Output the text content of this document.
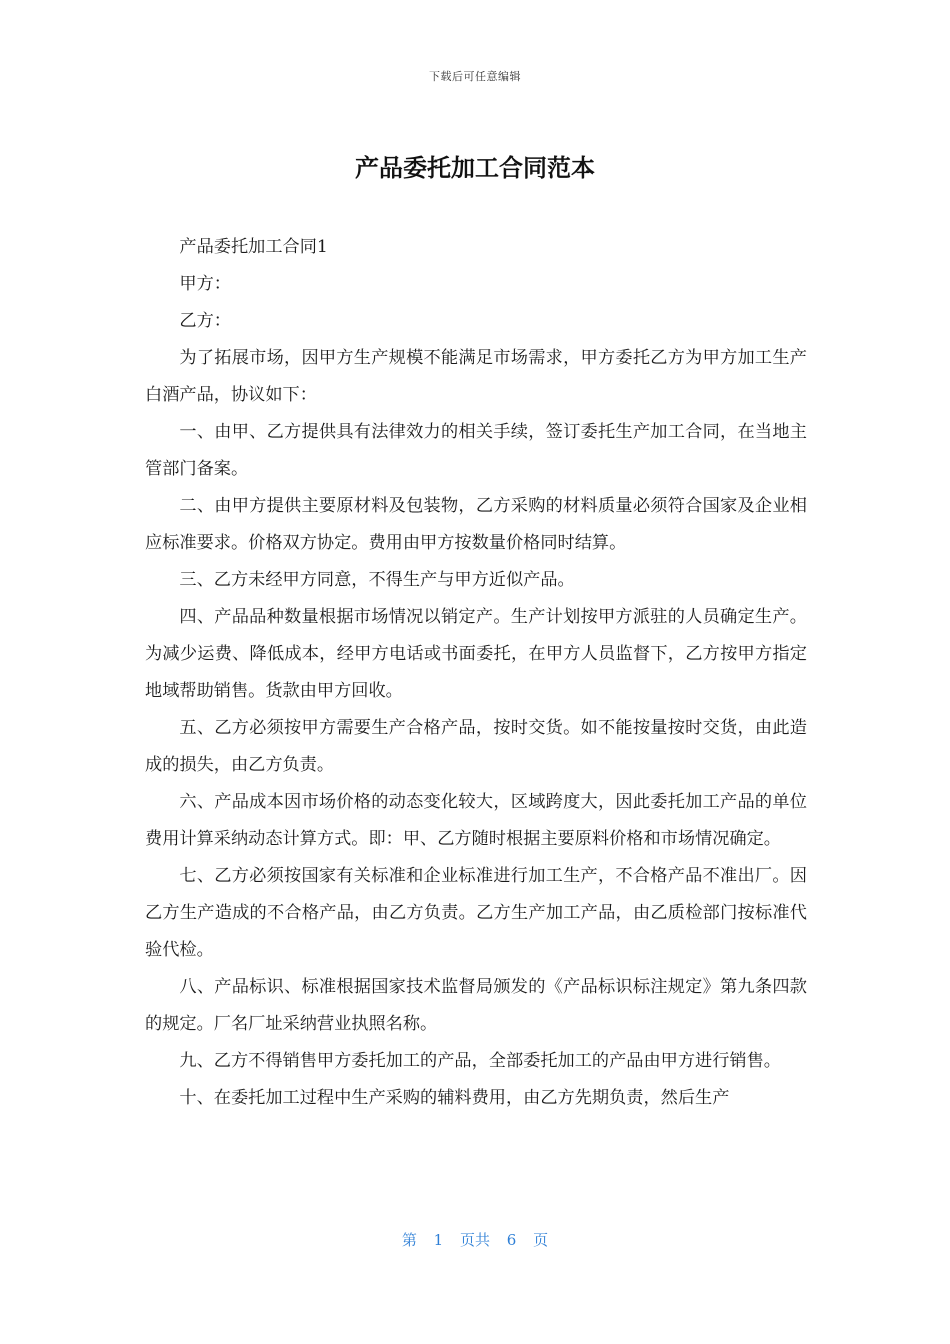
下载后可任意编辑
产品委托加工合同范本

产品委托加工合同1

甲方：

乙方：

为了拓展市场，因甲方生产规模不能满足市场需求，甲方委托乙方为甲方加工生产白酒产品，协议如下：

一、由甲、乙方提供具有法律效力的相关手续，签订委托生产加工合同，在当地主管部门备案。

二、由甲方提供主要原材料及包装物，乙方采购的材料质量必须符合国家及企业相应标准要求。价格双方协定。费用由甲方按数量价格同时结算。

三、乙方未经甲方同意，不得生产与甲方近似产品。

四、产品品种数量根据市场情况以销定产。生产计划按甲方派驻的人员确定生产。为减少运费、降低成本，经甲方电话或书面委托，在甲方人员监督下，乙方按甲方指定地域帮助销售。货款由甲方回收。

五、乙方必须按甲方需要生产合格产品，按时交货。如不能按量按时交货，由此造成的损失，由乙方负责。

六、产品成本因市场价格的动态变化较大，区域跨度大，因此委托加工产品的单位费用计算采纳动态计算方式。即：甲、乙方随时根据主要原料价格和市场情况确定。

七、乙方必须按国家有关标准和企业标准进行加工生产，不合格产品不准出厂。因乙方生产造成的不合格产品，由乙方负责。乙方生产加工产品，由乙质检部门按标准代验代检。

八、产品标识、标准根据国家技术监督局颁发的《产品标识标注规定》第九条四款的规定。厂名厂址采纳营业执照名称。

九、乙方不得销售甲方委托加工的产品，全部委托加工的产品由甲方进行销售。

十、在委托加工过程中生产采购的辅料费用，由乙方先期负责，然后生产

第 1 页共 6 页
